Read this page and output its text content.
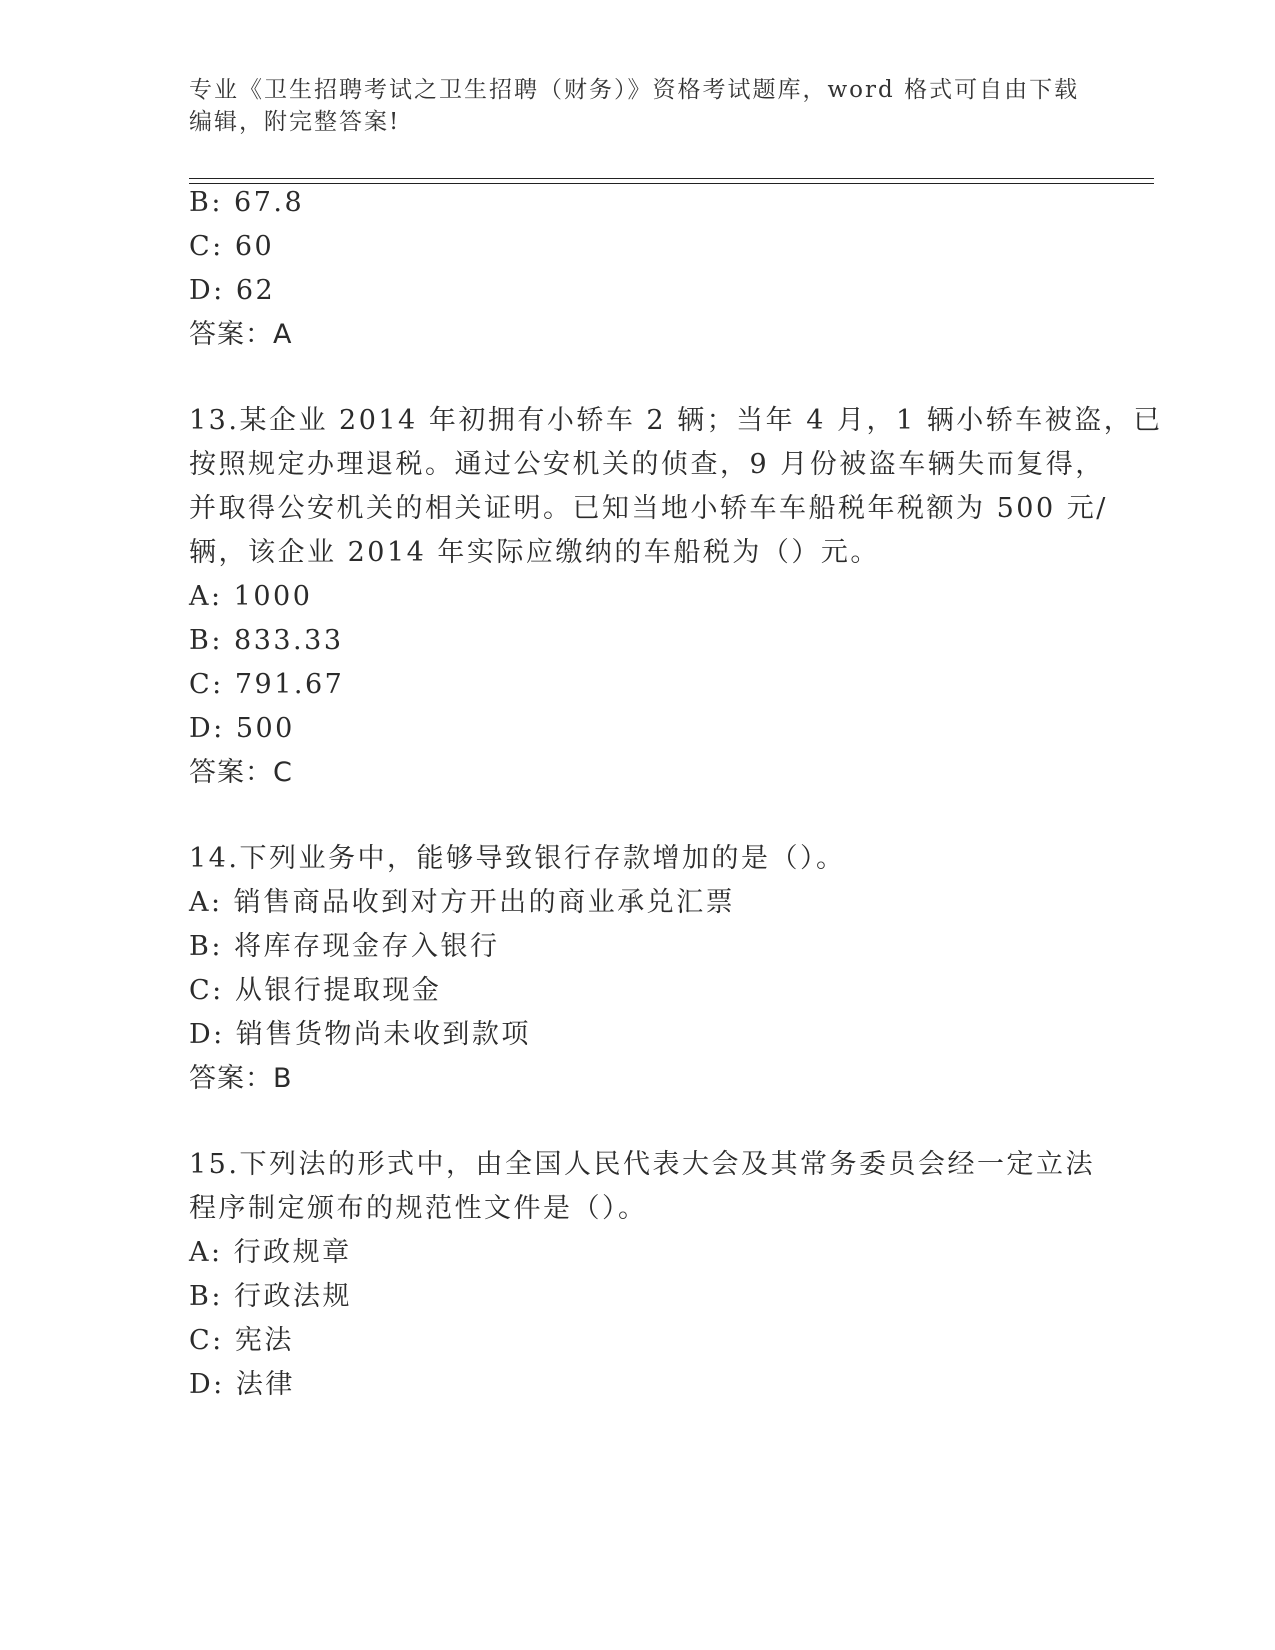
专业《卫生招聘考试之卫生招聘（财务）》资格考试题库，word 格式可自由下载
编辑，附完整答案!
B: 67.8
C: 60
D: 62
答案：A
13.某企业 2014 年初拥有小轿车 2 辆；当年 4 月，1 辆小轿车被盗，已
按照规定办理退税。通过公安机关的侦查，9 月份被盗车辆失而复得，
并取得公安机关的相关证明。已知当地小轿车车船税年税额为 500 元/
辆，该企业 2014 年实际应缴纳的车船税为（）元。
A: 1000
B: 833.33
C: 791.67
D: 500
答案：C
14.下列业务中，能够导致银行存款增加的是（）。
A: 销售商品收到对方开出的商业承兑汇票
B: 将库存现金存入银行
C: 从银行提取现金
D: 销售货物尚未收到款项
答案：B
15.下列法的形式中，由全国人民代表大会及其常务委员会经一定立法
程序制定颁布的规范性文件是（）。
A: 行政规章
B: 行政法规
C: 宪法
D: 法律
